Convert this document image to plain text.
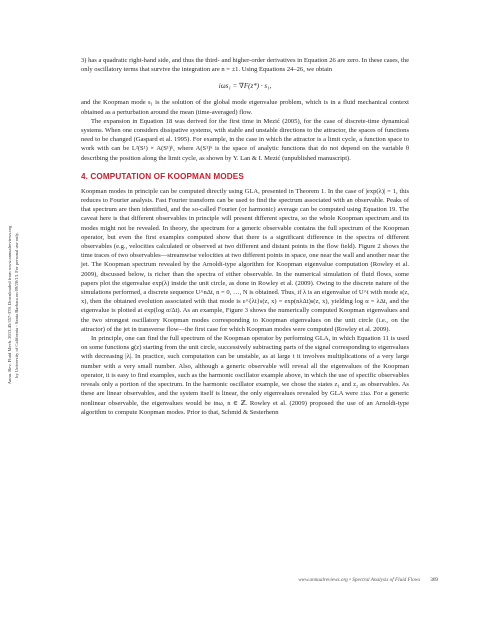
Annu. Rev. Fluid Mech. 2013.45:357-378. Downloaded from www.annualreviews.org by University of California - Santa Barbara on 09/20/13. For personal use only.

3) has a quadratic right-hand side, and thus the third- and higher-order derivatives in Equation 26 are zero. In these cases, the only oscillatory terms that survive the integration are n = ±1. Using Equations 24–26, we obtain

iωs₁ = ∇F(z*) · s₁,

and the Koopman mode s₁ is the solution of the global mode eigenvalue problem, which is in a fluid mechanical context obtained as a perturbation around the mean (time-averaged) flow.

The expansion in Equation 18 was derived for the first time in Mezić (2005), for the case of discrete-time dynamical systems. When one considers dissipative systems, with stable and unstable directions to the attractor, the spaces of functions need to be changed (Gaspard et al. 1995). For example, in the case in which the attractor is a limit cycle, a function space to work with can be L²(S¹) × A(S¹)ᵏ, where A(S¹)ᵏ is the space of analytic functions that do not depend on the variable θ describing the position along the limit cycle, as shown by Y. Lan & I. Mezić (unpublished manuscript).

4. COMPUTATION OF KOOPMAN MODES

Koopman modes in principle can be computed directly using GLA, presented in Theorem 1. In the case of |exp(λ)| = 1, this reduces to Fourier analysis. Fast Fourier transform can be used to find the spectrum associated with an observable. Peaks of that spectrum are then identified, and the so-called Fourier (or harmonic) average can be computed using Equation 19. The caveat here is that different observables in principle will present different spectra, so the whole Koopman spectrum and its modes might not be revealed. In theory, the spectrum for a generic observable contains the full spectrum of the Koopman operator, but even the first examples computed show that there is a significant difference in the spectra of different observables (e.g., velocities calculated or observed at two different and distant points in the flow field). Figure 2 shows the time traces of two observables—streamwise velocities at two different points in space, one near the wall and another near the jet. The Koopman spectrum revealed by the Arnoldi-type algorithm for Koopman eigenvalue computation (Rowley et al. 2009), discussed below, is richer than the spectra of either observable. In the numerical simulation of fluid flows, some papers plot the eigenvalue exp(λ) inside the unit circle, as done in Rowley et al. (2009). Owing to the discrete nature of the simulations performed, a discrete sequence U^nΔt, n = 0, …, N is obtained. Thus, if λ is an eigenvalue of U^t with mode s(z, x), then the obtained evolution associated with that mode is ε^{λt}s(z, x) = exp(nλΔt)s(z, x), yielding log α = λΔt, and the eigenvalue is plotted at exp(log α/Δt). As an example, Figure 3 shows the numerically computed Koopman eigenvalues and the two strongest oscillatory Koopman modes corresponding to Koopman eigenvalues on the unit circle (i.e., on the attractor) of the jet in transverse flow—the first case for which Koopman modes were computed (Rowley et al. 2009).

In principle, one can find the full spectrum of the Koopman operator by performing GLA, in which Equation 11 is used on some functions g(z) starting from the unit circle, successively subtracting parts of the signal corresponding to eigenvalues with decreasing |λ|. In practice, such computation can be unstable, as at large t it involves multiplications of a very large number with a very small number. Also, although a generic observable will reveal all the eigenvalues of the Koopman operator, it is easy to find examples, such as the harmonic oscillator example above, in which the use of specific observables reveals only a portion of the spectrum. In the harmonic oscillator example, we chose the states z₁ and z₂ as observables. As these are linear observables, and the system itself is linear, the only eigenvalues revealed by GLA were ±iω. For a generic nonlinear observable, the eigenvalues would be inω, n ∈ ℤ. Rowley et al. (2009) proposed the use of an Arnoldi-type algorithm to compute Koopman modes. Prior to that, Schmid & Sesterhenn

www.annualreviews.org • Spectral Analysis of Fluid Flows 369
